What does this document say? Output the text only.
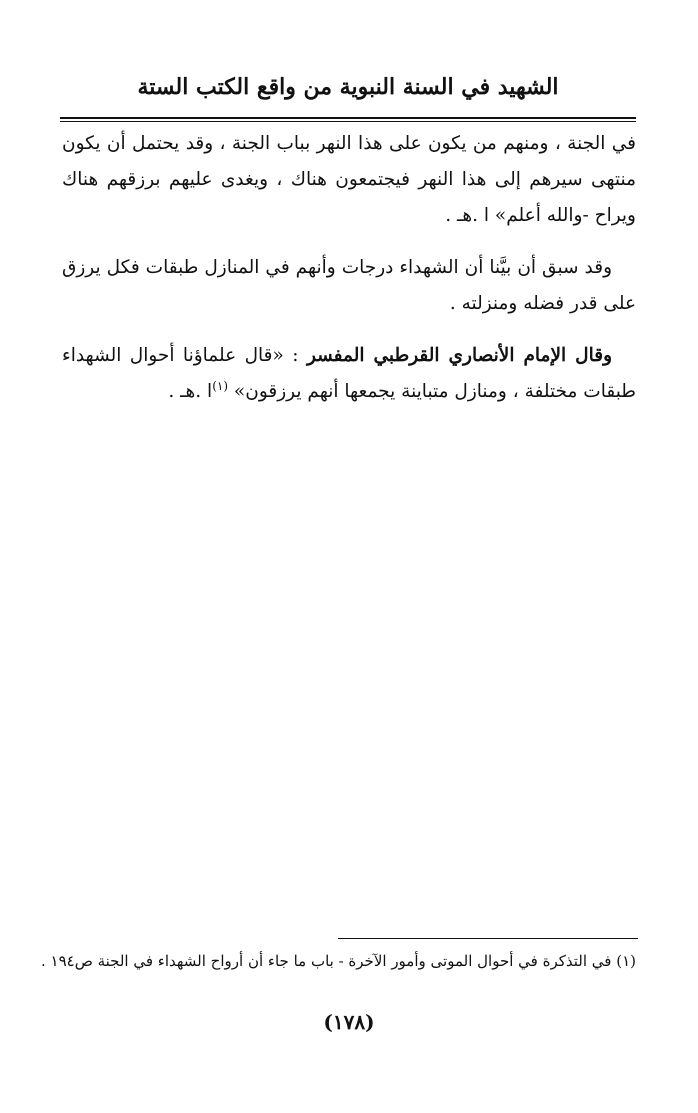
الشهيد في السنة النبوية من واقع الكتب الستة

في الجنة ، ومنهم من يكون على هذا النهر بباب الجنة ، وقد يحتمل أن يكون منتهى سيرهم إلى هذا النهر فيجتمعون هناك ، ويغدى عليهم برزقهم هناك ويراح -والله أعلم» ا .هـ .

وقد سبق أن بيَّنا أن الشهداء درجات وأنهم في المنازل طبقات فكل يرزق على قدر فضله ومنزلته .

وقال الإمام الأنصاري القرطبي المفسر : «قال علماؤنا أحوال الشهداء طبقات مختلفة ، ومنازل متباينة يجمعها أنهم يرزقون» $^{(١)}$ا .هـ .

(١) في التذكرة في أحوال الموتى وأمور الآخرة - باب ما جاء أن أرواح الشهداء في الجنة ص١٩٤ .
(١٧٨)
